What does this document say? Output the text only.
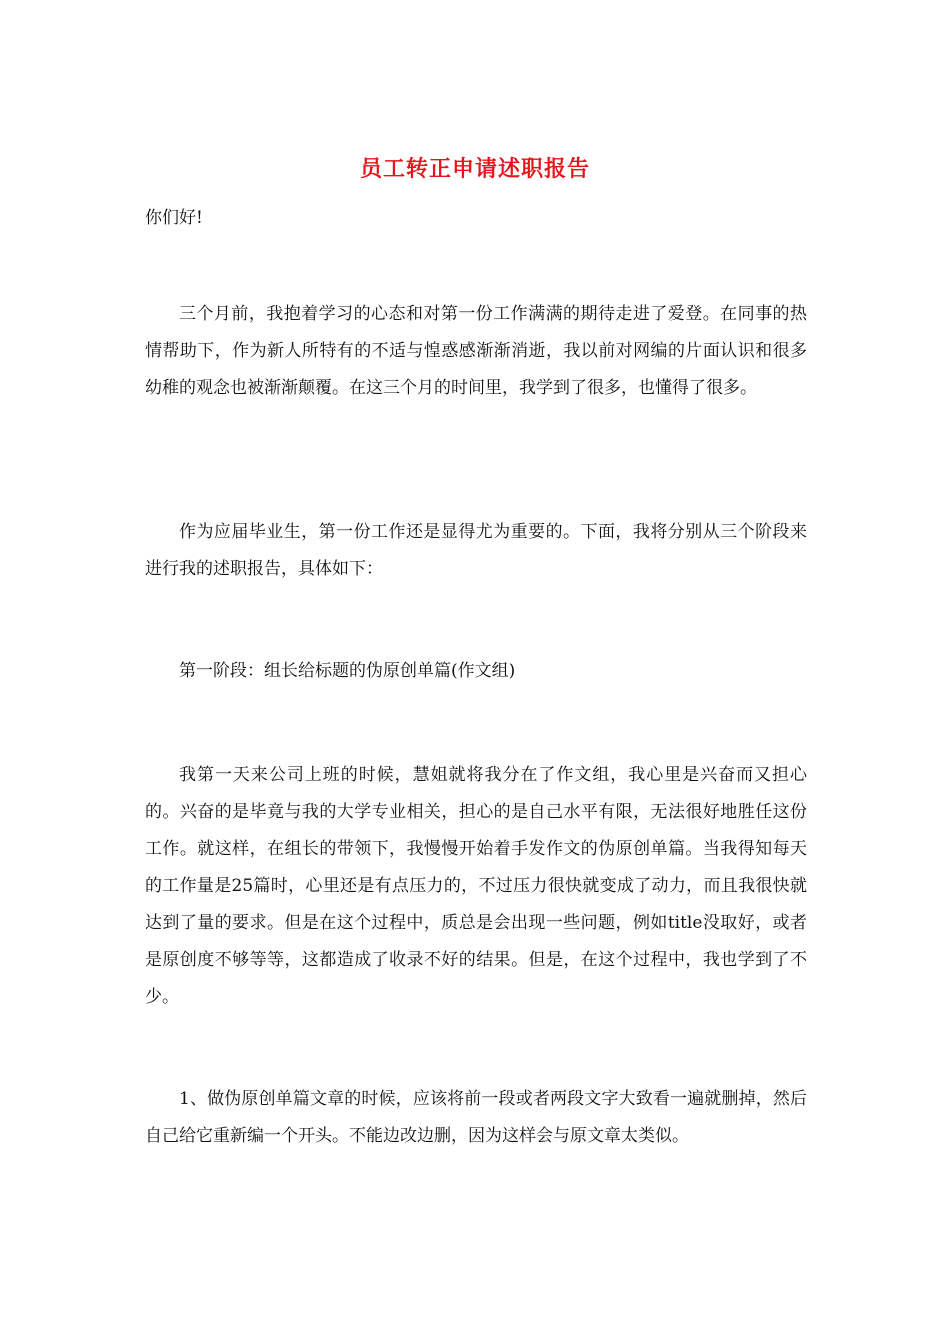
员工转正申请述职报告
你们好!

三个月前，我抱着学习的心态和对第一份工作满满的期待走进了爱登。在同事的热情帮助下，作为新人所特有的不适与惶惑感渐渐消逝，我以前对网编的片面认识和很多幼稚的观念也被渐渐颠覆。在这三个月的时间里，我学到了很多，也懂得了很多。

作为应届毕业生，第一份工作还是显得尤为重要的。下面，我将分别从三个阶段来进行我的述职报告，具体如下：

第一阶段：组长给标题的伪原创单篇(作文组)

我第一天来公司上班的时候，慧姐就将我分在了作文组，我心里是兴奋而又担心的。兴奋的是毕竟与我的大学专业相关，担心的是自己水平有限，无法很好地胜任这份工作。就这样，在组长的带领下，我慢慢开始着手发作文的伪原创单篇。当我得知每天的工作量是25篇时，心里还是有点压力的，不过压力很快就变成了动力，而且我很快就达到了量的要求。但是在这个过程中，质总是会出现一些问题，例如title没取好，或者是原创度不够等等，这都造成了收录不好的结果。但是，在这个过程中，我也学到了不少。

1、做伪原创单篇文章的时候，应该将前一段或者两段文字大致看一遍就删掉，然后自己给它重新编一个开头。不能边改边删，因为这样会与原文章太类似。
